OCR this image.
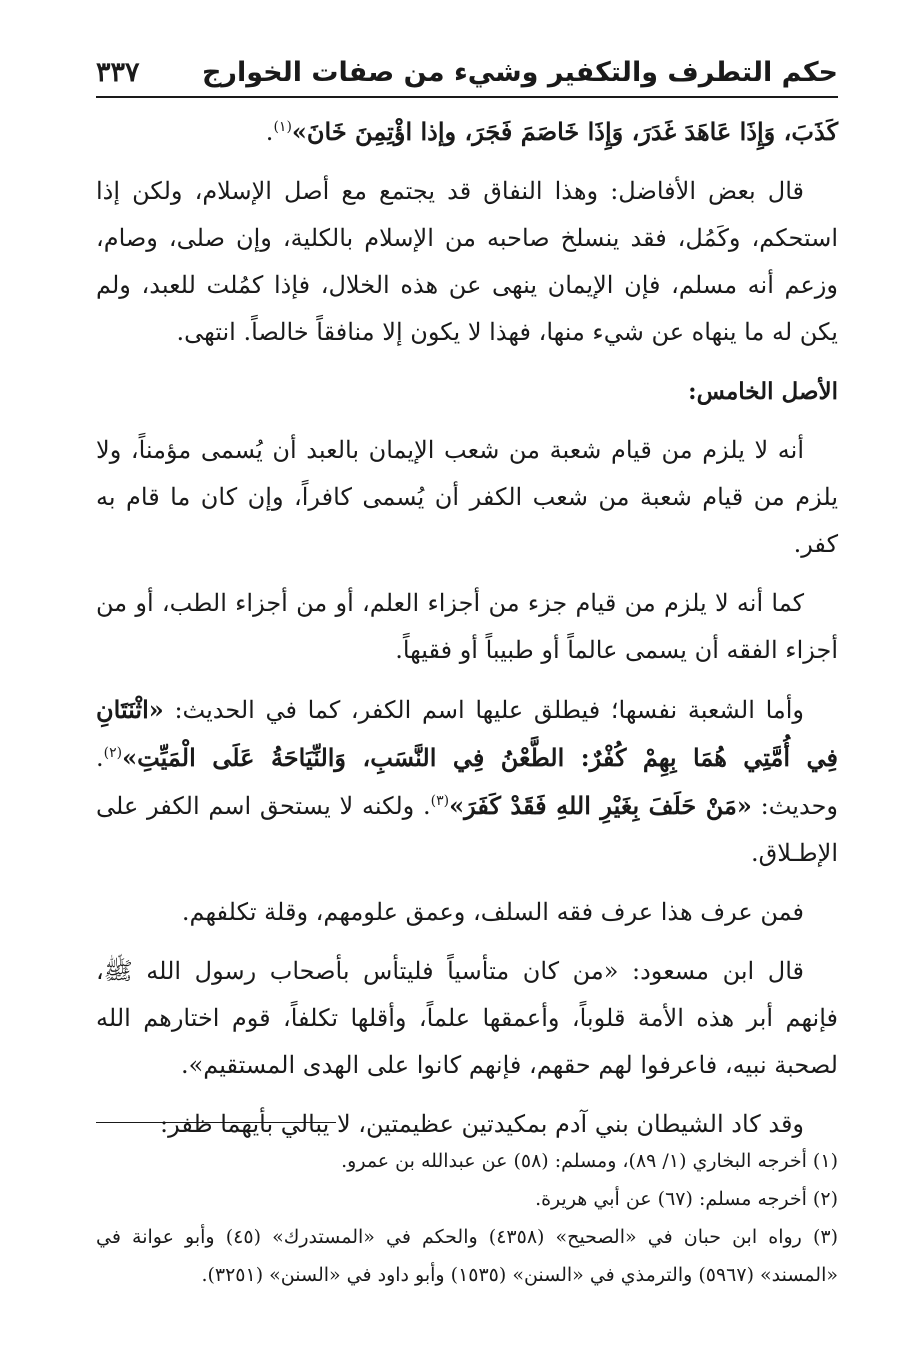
حكم التطرف والتكفير وشيء من صفات الخوارج
٣٣٧

كَذَبَ، وَإِذَا عَاهَدَ غَدَرَ، وَإِذَا خَاصَمَ فَجَرَ، وإذا اؤْتِمِنَ خَانَ»$^{(١)}$.

قال بعض الأفاضل: وهذا النفاق قد يجتمع مع أصل الإسلام، ولكن إذا استحكم، وكَمُل، فقد ينسلخ صاحبه من الإسلام بالكلية، وإن صلى، وصام، وزعم أنه مسلم، فإن الإيمان ينهى عن هذه الخلال، فإذا كمُلت للعبد، ولم يكن له ما ينهاه عن شيء منها، فهذا لا يكون إلا منافقاً خالصاً. انتهى.

الأصل الخامس:

أنه لا يلزم من قيام شعبة من شعب الإيمان بالعبد أن يُسمى مؤمناً، ولا يلزم من قيام شعبة من شعب الكفر أن يُسمى كافراً، وإن كان ما قام به كفر.

كما أنه لا يلزم من قيام جزء من أجزاء العلم، أو من أجزاء الطب، أو من أجزاء الفقه أن يسمى عالماً أو طبيباً أو فقيهاً.

وأما الشعبة نفسها؛ فيطلق عليها اسم الكفر، كما في الحديث: «اثْنَتَانِ فِي أُمَّتِي هُمَا بِهِمْ كُفْرٌ: الطَّعْنُ فِي النَّسَبِ، وَالنِّيَاحَةُ عَلَى الْمَيِّتِ»$^{(٢)}$. وحديث: «مَنْ حَلَفَ بِغَيْرِ اللهِ فَقَدْ كَفَرَ»$^{(٣)}$. ولكنه لا يستحق اسم الكفر على الإطـلاق.

فمن عرف هذا عرف فقه السلف، وعمق علومهم، وقلة تكلفهم.

قال ابن مسعود: «من كان متأسياً فليتأس بأصحاب رسول الله ﷺ، فإنهم أبر هذه الأمة قلوباً، وأعمقها علماً، وأقلها تكلفاً، قوم اختارهم الله لصحبة نبيه، فاعرفوا لهم حقهم، فإنهم كانوا على الهدى المستقيم».

وقد كاد الشيطان بني آدم بمكيدتين عظيمتين، لا يبالي بأيهما ظفر:

(١) أخرجه البخاري (١/ ٨٩)، ومسلم: (٥٨) عن عبدالله بن عمرو.

(٢) أخرجه مسلم: (٦٧) عن أبي هريرة.

(٣) رواه ابن حبان في «الصحيح» (٤٣٥٨) والحكم في «المستدرك» (٤٥) وأبو عوانة في «المسند» (٥٩٦٧) والترمذي في «السنن» (١٥٣٥) وأبو داود في «السنن» (٣٢٥١).
